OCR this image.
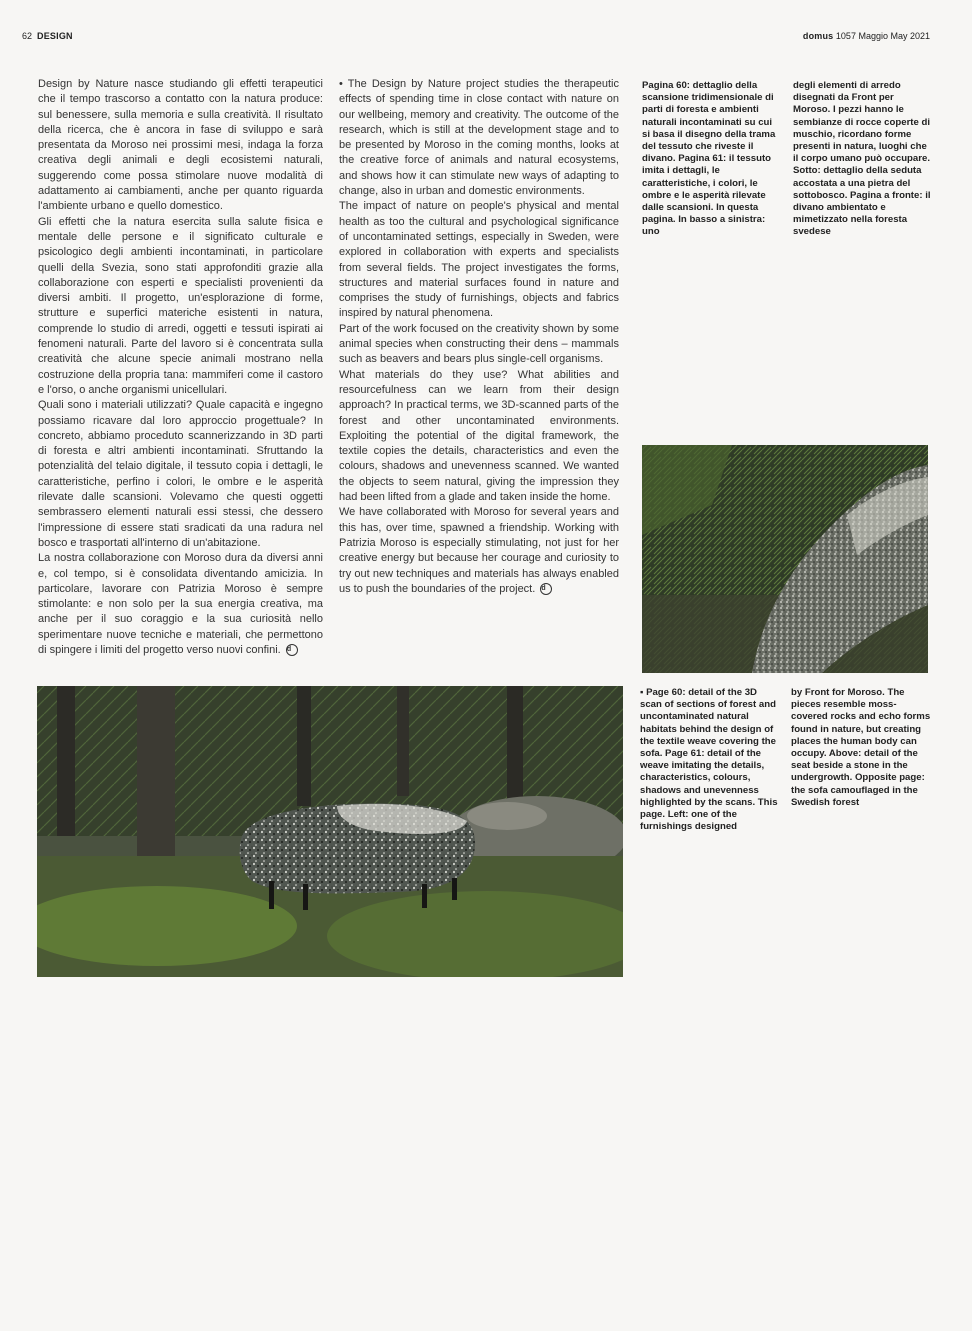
62 DESIGN	domus 1057 Maggio May 2021

Design by Nature nasce studiando gli effetti terapeutici che il tempo trascorso a contatto con la natura produce: sul benessere, sulla memoria e sulla creatività. Il risultato della ricerca, che è ancora in fase di sviluppo e sarà presentata da Moroso nei prossimi mesi, indaga la forza creativa degli animali e degli ecosistemi naturali, suggerendo come possa stimolare nuove modalità di adattamento ai cambiamenti, anche per quanto riguarda l'ambiente urbano e quello domestico.

Gli effetti che la natura esercita sulla salute fisica e mentale delle persone e il significato culturale e psicologico degli ambienti incontaminati, in particolare quelli della Svezia, sono stati approfonditi grazie alla collaborazione con esperti e specialisti provenienti da diversi ambiti. Il progetto, un'esplorazione di forme, strutture e superfici materiche esistenti in natura, comprende lo studio di arredi, oggetti e tessuti ispirati ai fenomeni naturali. Parte del lavoro si è concentrata sulla creatività che alcune specie animali mostrano nella costruzione della propria tana: mammiferi come il castoro e l'orso, o anche organismi unicellulari.

Quali sono i materiali utilizzati? Quale capacità e ingegno possiamo ricavare dal loro approccio progettuale? In concreto, abbiamo proceduto scannerizzando in 3D parti di foresta e altri ambienti incontaminati. Sfruttando la potenzialità del telaio digitale, il tessuto copia i dettagli, le caratteristiche, perfino i colori, le ombre e le asperità rilevate dalle scansioni. Volevamo che questi oggetti sembrassero elementi naturali essi stessi, che dessero l'impressione di essere stati sradicati da una radura nel bosco e trasportati all'interno di un'abitazione.

La nostra collaborazione con Moroso dura da diversi anni e, col tempo, si è consolidata diventando amicizia. In particolare, lavorare con Patrizia Moroso è sempre stimolante: e non solo per la sua energia creativa, ma anche per il suo coraggio e la sua curiosità nello sperimentare nuove tecniche e materiali, che permettono di spingere i limiti del progetto verso nuovi confini. d

• The Design by Nature project studies the therapeutic effects of spending time in close contact with nature on our wellbeing, memory and creativity. The outcome of the research, which is still at the development stage and to be presented by Moroso in the coming months, looks at the creative force of animals and natural ecosystems, and shows how it can stimulate new ways of adapting to change, also in urban and domestic environments.

The impact of nature on people's physical and mental health as too the cultural and psychological significance of uncontaminated settings, especially in Sweden, were explored in collaboration with experts and specialists from several fields. The project investigates the forms, structures and material surfaces found in nature and comprises the study of furnishings, objects and fabrics inspired by natural phenomena.

Part of the work focused on the creativity shown by some animal species when constructing their dens – mammals such as beavers and bears plus single-cell organisms.

What materials do they use? What abilities and resourcefulness can we learn from their design approach? In practical terms, we 3D-scanned parts of the forest and other uncontaminated environments. Exploiting the potential of the digital framework, the textile copies the details, characteristics and even the colours, shadows and unevenness scanned. We wanted the objects to seem natural, giving the impression they had been lifted from a glade and taken inside the home.

We have collaborated with Moroso for several years and this has, over time, spawned a friendship. Working with Patrizia Moroso is especially stimulating, not just for her creative energy but because her courage and curiosity to try out new techniques and materials has always enabled us to push the boundaries of the project. d

Pagina 60: dettaglio della scansione tridimensionale di parti di foresta e ambienti naturali incontaminati su cui si basa il disegno della trama del tessuto che riveste il divano. Pagina 61: il tessuto imita i dettagli, le caratteristiche, i colori, le ombre e le asperità rilevate dalle scansioni. In questa pagina. In basso a sinistra: uno

degli elementi di arredo disegnati da Front per Moroso. I pezzi hanno le sembianze di rocce coperte di muschio, ricordano forme presenti in natura, luoghi che il corpo umano può occupare. Sotto: dettaglio della seduta accostata a una pietra del sottobosco. Pagina a fronte: il divano ambientato e mimetizzato nella foresta svedese

▪ Page 60: detail of the 3D scan of sections of forest and uncontaminated natural habitats behind the design of the textile weave covering the sofa. Page 61: detail of the weave imitating the details, characteristics, colours, shadows and unevenness highlighted by the scans. This page. Left: one of the furnishings designed

by Front for Moroso. The pieces resemble moss-covered rocks and echo forms found in nature, but creating places the human body can occupy. Above: detail of the seat beside a stone in the undergrowth. Opposite page: the sofa camouflaged in the Swedish forest
